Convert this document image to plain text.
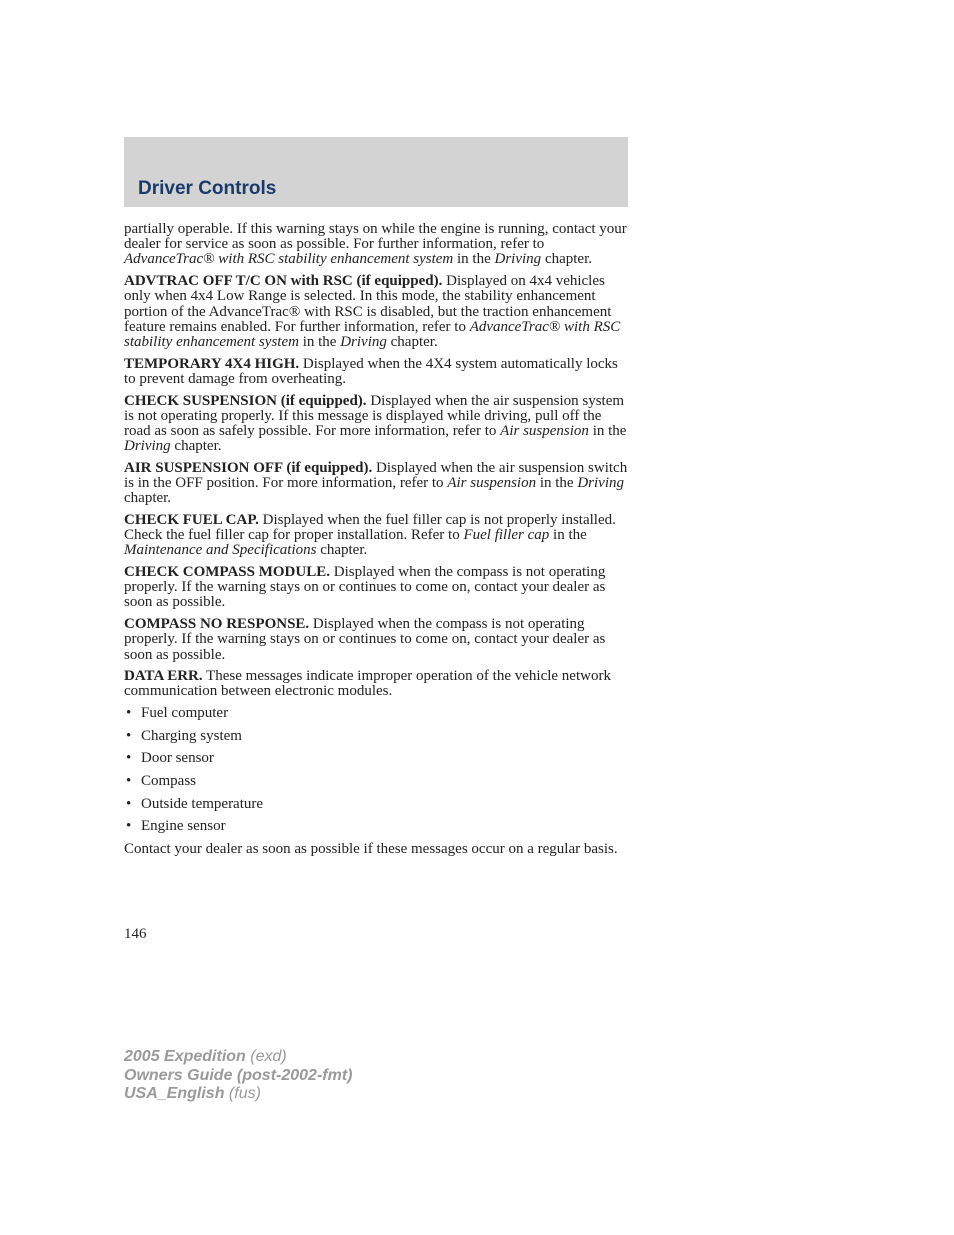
Driver Controls

partially operable. If this warning stays on while the engine is running, contact your dealer for service as soon as possible. For further information, refer to AdvanceTrac® with RSC stability enhancement system in the Driving chapter.

ADVTRAC OFF T/C ON with RSC (if equipped). Displayed on 4x4 vehicles only when 4x4 Low Range is selected. In this mode, the stability enhancement portion of the AdvanceTrac® with RSC is disabled, but the traction enhancement feature remains enabled. For further information, refer to AdvanceTrac® with RSC stability enhancement system in the Driving chapter.

TEMPORARY 4X4 HIGH. Displayed when the 4X4 system automatically locks to prevent damage from overheating.

CHECK SUSPENSION (if equipped). Displayed when the air suspension system is not operating properly. If this message is displayed while driving, pull off the road as soon as safely possible. For more information, refer to Air suspension in the Driving chapter.

AIR SUSPENSION OFF (if equipped). Displayed when the air suspension switch is in the OFF position. For more information, refer to Air suspension in the Driving chapter.

CHECK FUEL CAP. Displayed when the fuel filler cap is not properly installed. Check the fuel filler cap for proper installation. Refer to Fuel filler cap in the Maintenance and Specifications chapter.

CHECK COMPASS MODULE. Displayed when the compass is not operating properly. If the warning stays on or continues to come on, contact your dealer as soon as possible.

COMPASS NO RESPONSE. Displayed when the compass is not operating properly. If the warning stays on or continues to come on, contact your dealer as soon as possible.

DATA ERR. These messages indicate improper operation of the vehicle network communication between electronic modules.

• Fuel computer
• Charging system
• Door sensor
• Compass
• Outside temperature
• Engine sensor

Contact your dealer as soon as possible if these messages occur on a regular basis.

146
2005 Expedition (exd)
Owners Guide (post-2002-fmt)
USA_English (fus)
